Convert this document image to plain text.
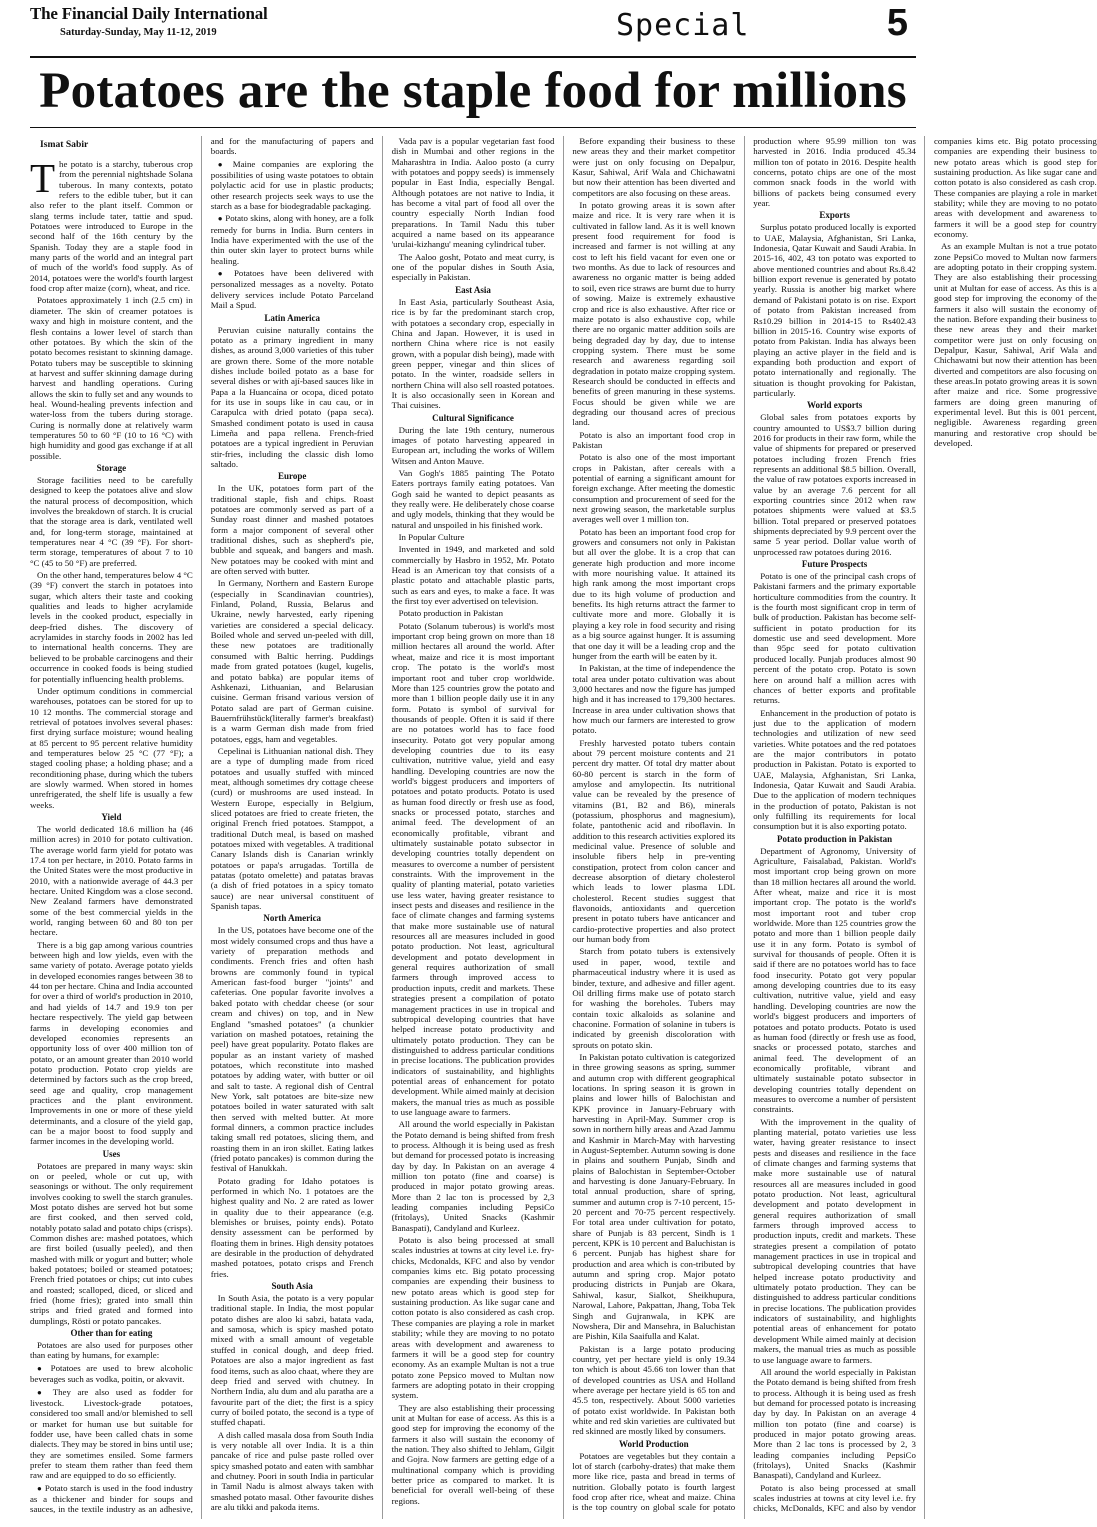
The Financial Daily International
Saturday-Sunday, May 11-12, 2019	Special	5
Potatoes are the staple food for millions
Ismat Sabir

The potato is a starchy, tuberous crop from the perennial nightshade Solana tuberous. In many contexts, potato refers to the edible tuber, but it can also refer to the plant itself. Common or slang terms include tater, tattie and spud. Potatoes were introduced to Europe in the second half of the 16th century by the Spanish. Today they are a staple food in many parts of the world and an integral part of much of the world's food supply. As of 2014, potatoes were the world's fourth largest food crop after maize (corn), wheat, and rice.

Potatoes approximately 1 inch (2.5 cm) in diameter. The skin of creamer potatoes is waxy and high in moisture content, and the flesh contains a lower level of starch than other potatoes. By which the skin of the potato becomes resistant to skinning damage. Potato tubers may be susceptible to skinning at harvest and suffer skinning damage during harvest and handling operations. Curing allows the skin to fully set and any wounds to heal. Wound-healing prevents infection and water-loss from the tubers during storage. Curing is normally done at relatively warm temperatures 50 to 60 °F (10 to 16 °C) with high humidity and good gas exchange if at all possible.

Storage

Storage facilities need to be carefully designed to keep the potatoes alive and slow the natural process of decomposition, which involves the breakdown of starch. It is crucial that the storage area is dark, ventilated well and, for long-term storage, maintained at temperatures near 4 °C (39 °F). For short-term storage, temperatures of about 7 to 10 °C (45 to 50 °F) are preferred.

On the other hand, temperatures below 4 °C (39 °F) convert the starch in potatoes into sugar, which alters their taste and cooking qualities and leads to higher acrylamide levels in the cooked product, especially in deep-fried dishes. The discovery of acrylamides in starchy foods in 2002 has led to international health concerns. They are believed to be probable carcinogens and their occurrence in cooked foods is being studied for potentially influencing health problems.

Under optimum conditions in commercial warehouses, potatoes can be stored for up to 10 12 months. The commercial storage and retrieval of potatoes involves several phases: first drying surface moisture; wound healing at 85 percent to 95 percent relative humidity and temperatures below 25 °C (77 °F); a staged cooling phase; a holding phase; and a reconditioning phase, during which the tubers are slowly warmed. When stored in homes unrefrigerated, the shelf life is usually a few weeks.

Yield

The world dedicated 18.6 million ha (46 million acres) in 2010 for potato cultivation. The average world farm yield for potato was 17.4 ton per hectare, in 2010. Potato farms in the United States were the most productive in 2010, with a nationwide average of 44.3 per hectare. United Kingdom was a close second. New Zealand farmers have demonstrated some of the best commercial yields in the world, ranging between 60 and 80 ton per hectare.

There is a big gap among various countries between high and low yields, even with the same variety of potato. Average potato yields in developed economies ranges between 38 to 44 ton per hectare. China and India accounted for over a third of world's production in 2010, and had yields of 14.7 and 19.9 ton per hectare respectively. The yield gap between farms in developing economies and developed economies represents an opportunity loss of over 400 million ton of potato, or an amount greater than 2010 world potato production. Potato crop yields are determined by factors such as the crop breed, seed age and quality, crop management practices and the plant environment. Improvements in one or more of these yield determinants, and a closure of the yield gap, can be a major boost to food supply and farmer incomes in the developing world.

Uses

Potatoes are prepared in many ways: skin on or peeled, whole or cut up, with seasonings or without. The only requirement involves cooking to swell the starch granules. Most potato dishes are served hot but some are first cooked, and then served cold, notably potato salad and potato chips (crisps). Common dishes are: mashed potatoes, which are first boiled (usually peeled), and then mashed with milk or yogurt and butter; whole baked potatoes; boiled or steamed potatoes; French fried potatoes or chips; cut into cubes and roasted; scalloped, diced, or sliced and fried (home fries); grated into small thin strips and fried grated and formed into dumplings, Rösti or potato pancakes.

Other than for eating

Potatoes are also used for purposes other than eating by humans, for example:

● Potatoes are used to brew alcoholic beverages such as vodka, poitin, or akvavit.

● They are also used as fodder for livestock. Livestock-grade potatoes, considered too small and/or blemished to sell or market for human use but suitable for fodder use, have been called chats in some dialects. They may be stored in bins until use; they are sometimes ensiled. Some farmers prefer to steam them rather than feed them raw and are equipped to do so efficiently.

● Potato starch is used in the food industry as a thickener and binder for soups and sauces, in the textile industry as an adhesive, and for the manufacturing of papers and boards.

● Maine companies are exploring the possibilities of using waste potatoes to obtain polylactic acid for use in plastic products; other research projects seek ways to use the starch as a base for biodegradable packaging.

● Potato skins, along with honey, are a folk remedy for burns in India. Burn centers in India have experimented with the use of the thin outer skin layer to protect burns while healing.

● Potatoes have been delivered with personalized messages as a novelty. Potato delivery services include Potato Parceland Mail a Spud.

Latin America

Peruvian cuisine naturally contains the potato as a primary ingredient in many dishes, as around 3,000 varieties of this tuber are grown there. Some of the more notable dishes include boiled potato as a base for several dishes or with ají-based sauces like in Papa a la Huancaína or ocopa, diced potato for its use in soups like in cau cau, or in Carapulca with dried potato (papa seca). Smashed condiment potato is used in causa Limeña and papa rellena. French-fried potatoes are a typical ingredient in Peruvian stir-fries, including the classic dish lomo saltado.

Europe

In the UK, potatoes form part of the traditional staple, fish and chips. Roast potatoes are commonly served as part of a Sunday roast dinner and mashed potatoes form a major component of several other traditional dishes, such as shepherd's pie, bubble and squeak, and bangers and mash. New potatoes may be cooked with mint and are often served with butter.

In Germany, Northern and Eastern Europe (especially in Scandinavian countries), Finland, Poland, Russia, Belarus and Ukraine, newly harvested, early ripening varieties are considered a special delicacy. Boiled whole and served un-peeled with dill, these new potatoes are traditionally consumed with Baltic herring. Puddings made from grated potatoes (kugel, kugelis, and potato babka) are popular items of Ashkenazi, Lithuanian, and Belarusian cuisine. German frisand various version of Potato salad are part of German cuisine. Bauernfrühstück(literally farmer's breakfast) is a warm German dish made from fried potatoes, eggs, ham and vegetables.

Cepelinai is Lithuanian national dish. They are a type of dumpling made from riced potatoes and usually stuffed with minced meat, although sometimes dry cottage cheese (curd) or mushrooms are used instead. In Western Europe, especially in Belgium, sliced potatoes are fried to create frieten, the original French fried potatoes. Stamppot, a traditional Dutch meal, is based on mashed potatoes mixed with vegetables. A traditional Canary Islands dish is Canarian wrinkly potatoes or papa's arrugadas. Tortilla de patatas (potato omelette) and patatas bravas (a dish of fried potatoes in a spicy tomato sauce) are near universal constituent of Spanish tapas.

North America

In the US, potatoes have become one of the most widely consumed crops and thus have a variety of preparation methods and condiments. French fries and often hash browns are commonly found in typical American fast-food burger "joints" and cafeterias. One popular favorite involves a baked potato with cheddar cheese (or sour cream and chives) on top, and in New England "smashed potatoes" (a chunkier variation on mashed potatoes, retaining the peel) have great popularity. Potato flakes are popular as an instant variety of mashed potatoes, which reconstitute into mashed potatoes by adding water, with butter or oil and salt to taste. A regional dish of Central New York, salt potatoes are bite-size new potatoes boiled in water saturated with salt then served with melted butter. At more formal dinners, a common practice includes taking small red potatoes, slicing them, and roasting them in an iron skillet. Eating latkes (fried potato pancakes) is common during the festival of Hanukkah.

Potato grading for Idaho potatoes is performed in which No. 1 potatoes are the highest quality and No. 2 are rated as lower in quality due to their appearance (e.g. blemishes or bruises, pointy ends). Potato density assessment can be performed by floating them in brines. High density potatoes are desirable in the production of dehydrated mashed potatoes, potato crisps and French fries.

South Asia

In South Asia, the potato is a very popular traditional staple. In India, the most popular potato dishes are aloo ki sabzi, batata vada, and samosa, which is spicy mashed potato mixed with a small amount of vegetable stuffed in conical dough, and deep fried. Potatoes are also a major ingredient as fast food items, such as aloo chaat, where they are deep fried and served with chutney. In Northern India, alu dum and alu paratha are a favourite part of the diet; the first is a spicy curry of boiled potato, the second is a type of stuffed chapati.

A dish called masala dosa from South India is very notable all over India. It is a thin pancake of rice and pulse paste rolled over spicy smashed potato and eaten with sambhar and chutney. Poori in south India in particular in Tamil Nadu is almost always taken with smashed potato masal. Other favourite dishes are alu tikki and pakoda items.

Vada pav is a popular vegetarian fast food dish in Mumbai and other regions in the Maharashtra in India. Aaloo posto (a curry with potatoes and poppy seeds) is immensely popular in East India, especially Bengal. Although potatoes are not native to India, it has become a vital part of food all over the country especially North Indian food preparations. In Tamil Nadu this tuber acquired a name based on its appearance 'urulai-kizhangu' meaning cylindrical tuber.

The Aaloo gosht, Potato and meat curry, is one of the popular dishes in South Asia, especially in Pakistan.

East Asia

In East Asia, particularly Southeast Asia, rice is by far the predominant starch crop, with potatoes a secondary crop, especially in China and Japan. However, it is used in northern China where rice is not easily grown, with a popular dish being), made with green pepper, vinegar and thin slices of potato. In the winter, roadside sellers in northern China will also sell roasted potatoes. It is also occasionally seen in Korean and Thai cuisines.

Cultural Significance

During the late 19th century, numerous images of potato harvesting appeared in European art, including the works of Willem Witsen and Anton Mauve.

Van Gogh's 1885 painting The Potato Eaters portrays family eating potatoes. Van Gogh said he wanted to depict peasants as they really were. He deliberately chose coarse and ugly models, thinking that they would be natural and unspoiled in his finished work.

In Popular Culture

Invented in 1949, and marketed and sold commercially by Hasbro in 1952, Mr. Potato Head is an American toy that consists of a plastic potato and attachable plastic parts, such as ears and eyes, to make a face. It was the first toy ever advertised on television.

Potato production in Pakistan

Potato (Solanum tuberous) is world's most important crop being grown on more than 18 million hectares all around the world. After wheat, maize and rice it is most important crop. The potato is the world's most important root and tuber crop worldwide. More than 125 countries grow the potato and more than 1 billion people daily use it in any form. Potato is symbol of survival for thousands of people. Often it is said if there are no potatoes world has to face food insecurity. Potato got very popular among developing countries due to its easy cultivation, nutritive value, yield and easy handling. Developing countries are now the world's biggest producers and importers of potatoes and potato products. Potato is used as human food directly or fresh use as food, snacks or processed potato, starches and animal feed. The development of an economically profitable, vibrant and ultimately sustainable potato subsector in developing countries totally dependent on measures to overcome a number of persistent constraints. With the improvement in the quality of planting material, potato varieties use less water, having greater resistance to insect pests and diseases and resilience in the face of climate changes and farming systems that make more sustainable use of natural resources all are measures included in good potato production. Not least, agricultural development and potato development in general requires authorization of small farmers through improved access to production inputs, credit and markets. These strategies present a compilation of potato management practices in use in tropical and subtropical developing countries that have helped increase potato productivity and ultimately potato production. They can be distinguished to address particular conditions in precise locations. The publication provides indicators of sustainability, and highlights potential areas of enhancement for potato development. While aimed mainly at decision makers, the manual tries as much as possible to use language aware to farmers.

All around the world especially in Pakistan the Potato demand is being shifted from fresh to process. Although it is being used as fresh but demand for processed potato is increasing day by day. In Pakistan on an average 4 million ton potato (fine and coarse) is produced in major potato growing areas. More than 2 lac ton is processed by 2,3 leading companies including PepsiCo (fritolays), United Snacks (Kashmir Banaspati), Candyland and Kurleez.

Potato is also being processed at small scales industries at towns at city level i.e. fry-chicks, Mcdonalds, KFC and also by vendor companies kims etc. Big potato processing companies are expending their business to new potato areas which is good step for sustaining production. As like sugar cane and cotton potato is also considered as cash crop. These companies are playing a role in market stability; while they are moving to no potato areas with development and awareness to farmers it will be a good step for country economy. As an example Multan is not a true potato zone Pepsico moved to Multan now farmers are adopting potato in their cropping system.

They are also establishing their processing unit at Multan for ease of access. As this is a good step for improving the economy of the farmers it also will sustain the economy of the nation. They also shifted to Jehlam, Gilgit and Gojra. Now farmers are getting edge of a multinational company which is providing better price as compared to market. It is beneficial for overall well-being of these regions.

Before expanding their business to these new areas they and their market competitor were just on only focusing on Depalpur, Kasur, Sahiwal, Arif Wala and Chichawatni but now their attention has been diverted and competitors are also focusing on these areas.

In potato growing areas it is sown after maize and rice. It is very rare when it is cultivated in fallow land. As it is well known present food requirement for food is increased and farmer is not willing at any cost to left his field vacant for even one or two months. As due to lack of resources and awareness no organic matter is being added to soil, even rice straws are burnt due to hurry of sowing. Maize is extremely exhaustive crop and rice is also exhaustive. After rice or maize potato is also exhaustive cop, while there are no organic matter addition soils are being degraded day by day, due to intense cropping system. There must be some research and awareness regarding soil degradation in potato maize cropping system. Research should be conducted in effects and benefits of green manuring in these systems. Focus should be given while we are degrading our thousand acres of precious land.

Potato is also an important food crop in Pakistan

Potato is also one of the most important crops in Pakistan, after cereals with a potential of earning a significant amount for foreign exchange. After meeting the domestic consumption and procurement of seed for the next growing season, the marketable surplus averages well over 1 million ton.

Potato has been an important food crop for growers and consumers not only in Pakistan but all over the globe. It is a crop that can generate high production and more income with more nourishing value. It attained its high rank among the most important crops due to its high volume of production and benefits. Its high returns attract the farmer to cultivate more and more. Globally it is playing a key role in food security and rising as a big source against hunger. It is assuming that one day it will be a leading crop and the hunger from the earth will be eaten by it.

In Pakistan, at the time of independence the total area under potato cultivation was about 3,000 hectares and now the figure has jumped high and it has increased to 179,300 hectares. Increase in area under cultivation shows that how much our farmers are interested to grow potato.

Freshly harvested potato tubers contain about 79 percent moisture contents and 21 percent dry matter. Of total dry matter about 60-80 percent is starch in the form of amylose and amylopectin. Its nutritional value can be revealed by the presence of vitamins (B1, B2 and B6), minerals (potassium, phosphorus and magnesium), folate, pantothenic acid and riboflavin. In addition to this research activities explored its medicinal value. Presence of soluble and insoluble fibers help in pre-venting constipation, protect from colon cancer and decrease absorption of dietary cholesterol which leads to lower plasma LDL cholesterol. Recent studies suggest that flavonoids, antioxidants and quercetion present in potato tubers have anticancer and cardio-protective properties and also protect our human body from

Starch from potato tubers is extensively used in paper, wood, textile and pharmaceutical industry where it is used as binder, texture, and adhesive and filler agent. Oil drilling firms make use of potato starch for washing the boreholes. Tubers may contain toxic alkaloids as solanine and chaconine. Formation of solanine in tubers is indicated by greenish discoloration with sprouts on potato skin.

In Pakistan potato cultivation is categorized in three growing seasons as spring, summer and autumn crop with different geographical locations. In spring season it is grown in plains and lower hills of Balochistan and KPK province in January-February with harvesting in April-May. Summer crop is sown in northern hilly areas and Azad Jammu and Kashmir in March-May with harvesting in August-September. Autumn sowing is done in plains and southern Punjab, Sindh and plains of Balochistan in September-October and harvesting is done January-February. In total annual production, share of spring, summer and autumn crop is 7-10 percent, 15-20 percent and 70-75 percent respectively. For total area under cultivation for potato, share of Punjab is 83 percent, Sindh is 1 percent, KPK is 10 percent and Baluchistan is 6 percent. Punjab has highest share for production and area which is con-tributed by autumn and spring crop. Major potato producing districts in Punjab are Okara, Sahiwal, kasur, Sialkot, Sheikhupura, Narowal, Lahore, Pakpattan, Jhang, Toba Tek Singh and Gujranwala, in KPK are Nowshera, Dir and Mansehra, in Baluchistan are Pishin, Kila Saaifulla and Kalat.

Pakistan is a large potato producing country, yet per hectare yield is only 19.34 ton which is about 45.66 ton lower than that of developed countries as USA and Holland where average per hectare yield is 65 ton and 45.5 ton, respectively. About 5000 varieties of potato exist worldwide. In Pakistan both white and red skin varieties are cultivated but red skinned are mostly liked by consumers.

World Production

Potatoes are vegetables but they contain a lot of starch (carbohy-drates) that make them more like rice, pasta and bread in terms of nutrition. Globally potato is fourth largest food crop after rice, wheat and maize. China is the top country on global scale for potato production where 95.99 million ton was harvested in 2016. India produced 45.34 million ton of potato in 2016. Despite health concerns, potato chips are one of the most common snack foods in the world with billions of packets being consumed every year.

Exports

Surplus potato produced locally is exported to UAE, Malaysia, Afghanistan, Sri Lanka, Indonesia, Qatar Kuwait and Saudi Arabia. In 2015-16, 402, 43 ton potato was exported to above mentioned countries and about Rs.8.42 billion export revenue is generated by potato yearly. Russia is another big market where demand of Pakistani potato is on rise. Export of potato from Pakistan increased from Rs10.29 billion in 2014-15 to Rs402.43 billion in 2015-16. Country wise exports of potato from Pakistan. India has always been playing an active player in the field and is expanding both production and export of potato internationally and regionally. The situation is thought provoking for Pakistan, particularly.

World exports

Global sales from potatoes exports by country amounted to US$3.7 billion during 2016 for products in their raw form, while the value of shipments for prepared or preserved potatoes including frozen French fries represents an additional $8.5 billion. Overall, the value of raw potatoes exports increased in value by an average 7.6 percent for all exporting countries since 2012 when raw potatoes shipments were valued at $3.5 billion. Total prepared or preserved potatoes shipments depreciated by 9.9 percent over the same 5 year period. Dollar value worth of unprocessed raw potatoes during 2016.

Future Prospects

Potato is one of the principal cash crops of Pakistani farmers and the primary exportable horticulture commodities from the country. It is the fourth most significant crop in term of bulk of production. Pakistan has become self-sufficient in potato production for its domestic use and seed development. More than 95pc seed for potato cultivation produced locally. Punjab produces almost 90 percent of the potato crop. Potato is sown here on around half a million acres with chances of better exports and profitable returns.

Enhancement in the production of potato is just due to the application of modern technologies and utilization of new seed varieties. White potatoes and the red potatoes are the major contributors in potato production in Pakistan. Potato is exported to UAE, Malaysia, Afghanistan, Sri Lanka, Indonesia, Qatar Kuwait and Saudi Arabia. Due to the application of modern techniques in the production of potato, Pakistan is not only fulfilling its requirements for local consumption but it is also exporting potato.

Potato production in Pakistan

Department of Agronomy, University of Agriculture, Faisalabad, Pakistan. World's most important crop being grown on more than 18 million hectares all around the world. After wheat, maize and rice it is most important crop. The potato is the world's most important root and tuber crop worldwide. More than 125 countries grow the potato and more than 1 billion people daily use it in any form. Potato is symbol of survival for thousands of people. Often it is said if there are no potatoes world has to face food insecurity. Potato got very popular among developing countries due to its easy cultivation, nutritive value, yield and easy handling. Developing countries are now the world's biggest producers and importers of potatoes and potato products. Potato is used as human food (directly or fresh use as food, snacks or processed potato, starches and animal feed. The development of an economically profitable, vibrant and ultimately sustainable potato subsector in developing countries totally dependent on measures to overcome a number of persistent constraints.

With the improvement in the quality of planting material, potato varieties use less water, having greater resistance to insect pests and diseases and resilience in the face of climate changes and farming systems that make more sustainable use of natural resources all are measures included in good potato production. Not least, agricultural development and potato development in general requires authorization of small farmers through improved access to production inputs, credit and markets. These strategies present a compilation of potato management practices in use in tropical and subtropical developing countries that have helped increase potato productivity and ultimately potato production. They can be distinguished to address particular conditions in precise locations. The publication provides indicators of sustainability, and highlights potential areas of enhancement for potato development While aimed mainly at decision makers, the manual tries as much as possible to use language aware to farmers.

All around the world especially in Pakistan the Potato demand is being shifted from fresh to process. Although it is being used as fresh but demand for processed potato is increasing day by day. In Pakistan on an average 4 million ton potato (fine and coarse) is produced in major potato growing areas. More than 2 lac tons is processed by 2, 3 leading companies including PepsiCo (fritolays), United Snacks (Kashmir Banaspati), Candyland and Kurleez.

Potato is also being processed at small scales industries at towns at city level i.e. fry chicks, McDonalds, KFC and also by vendor companies kims etc. Big potato processing companies are expending their business to new potato areas which is good step for sustaining production. As like sugar cane and cotton potato is also considered as cash crop. These companies are playing a role in market stability; while they are moving to no potato areas with development and awareness to farmers it will be a good step for country economy.

As an example Multan is not a true potato zone PepsiCo moved to Multan now farmers are adopting potato in their cropping system. They are also establishing their processing unit at Multan for ease of access. As this is a good step for improving the economy of the farmers it also will sustain the economy of the nation. Before expanding their business to these new areas they and their market competitor were just on only focusing on Depalpur, Kasur, Sahiwal, Arif Wala and Chichawatni but now their attention has been diverted and competitors are also focusing on these areas.In potato growing areas it is sown after maize and rice. Some progressive farmers are doing green manuring of experimental level. But this is 001 percent, negligible. Awareness regarding green manuring and restorative crop should be developed.
